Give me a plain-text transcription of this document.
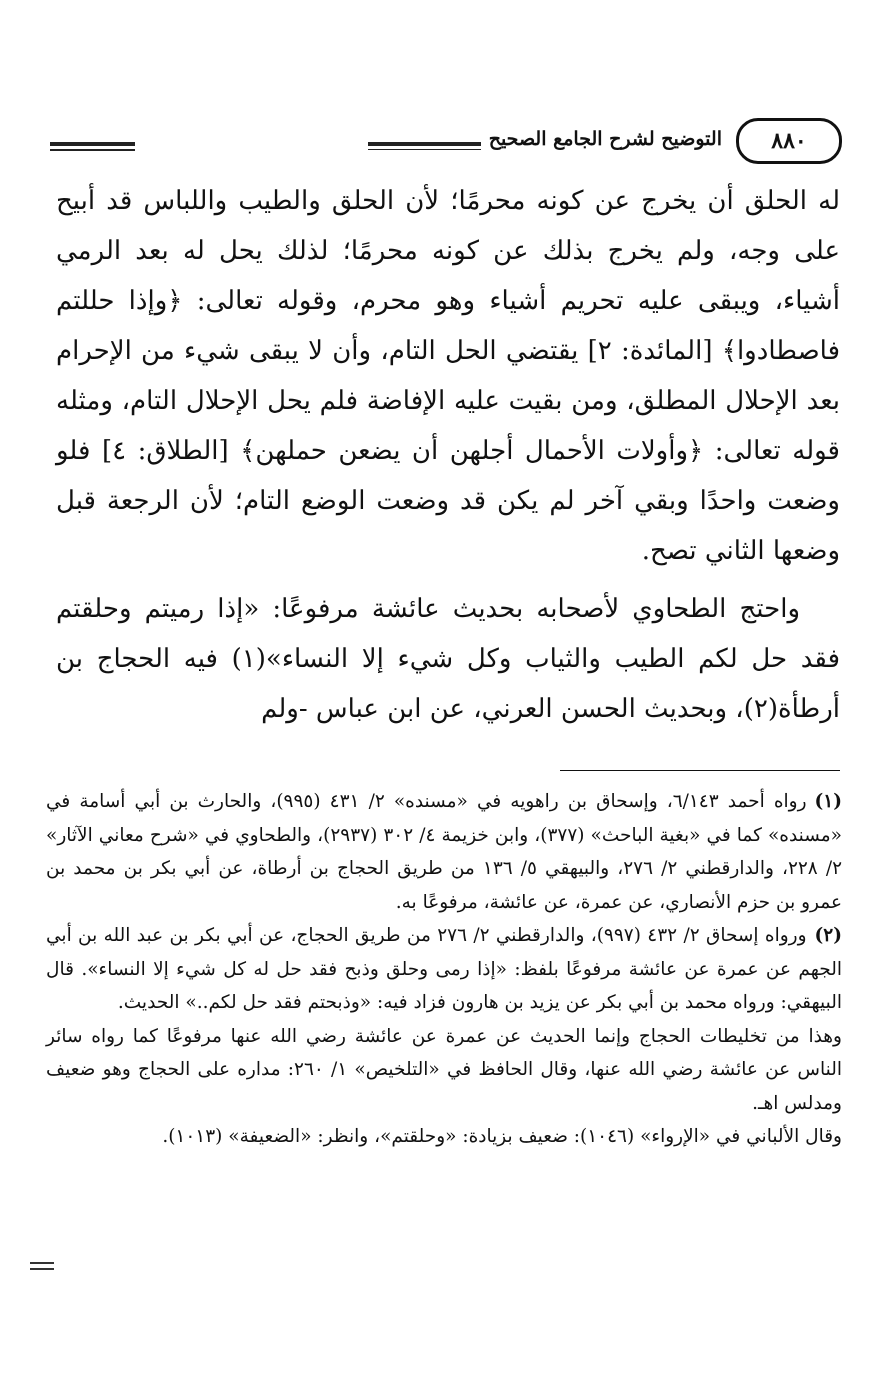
التوضيح لشرح الجامع الصحيح	٨٨٠

له الحلق أن يخرج عن كونه محرمًا؛ لأن الحلق والطيب واللباس قد أبيح على وجه، ولم يخرج بذلك عن كونه محرمًا؛ لذلك يحل له بعد الرمي أشياء، ويبقى عليه تحريم أشياء وهو محرم، وقوله تعالى: ﴿وإذا حللتم فاصطادوا﴾ [المائدة: ٢] يقتضي الحل التام، وأن لا يبقى شيء من الإحرام بعد الإحلال المطلق، ومن بقيت عليه الإفاضة فلم يحل الإحلال التام، ومثله قوله تعالى: ﴿وأولات الأحمال أجلهن أن يضعن حملهن﴾ [الطلاق: ٤] فلو وضعت واحدًا وبقي آخر لم يكن قد وضعت الوضع التام؛ لأن الرجعة قبل وضعها الثاني تصح.

واحتج الطحاوي لأصحابه بحديث عائشة مرفوعًا: «إذا رميتم وحلقتم فقد حل لكم الطيب والثياب وكل شيء إلا النساء»(١) فيه الحجاج بن أرطأة(٢)، وبحديث الحسن العرني، عن ابن عباس -ولم

(١)رواه أحمد ٦/١٤٣، وإسحاق بن راهويه في «مسنده» ٢/ ٤٣١ (٩٩٥)، والحارث بن أبي أسامة في «مسنده» كما في «بغية الباحث» (٣٧٧)، وابن خزيمة ٤/ ٣٠٢ (٢٩٣٧)، والطحاوي في «شرح معاني الآثار» ٢/ ٢٢٨، والدارقطني ٢/ ٢٧٦، والبيهقي ٥/ ١٣٦ من طريق الحجاج بن أرطاة، عن أبي بكر بن محمد بن عمرو بن حزم الأنصاري، عن عمرة، عن عائشة، مرفوعًا به.

(٢)ورواه إسحاق ٢/ ٤٣٢ (٩٩٧)، والدارقطني ٢/ ٢٧٦ من طريق الحجاج، عن أبي بكر بن عبد الله بن أبي الجهم عن عمرة عن عائشة مرفوعًا بلفظ: «إذا رمى وحلق وذبح فقد حل له كل شيء إلا النساء». قال البيهقي: ورواه محمد بن أبي بكر عن يزيد بن هارون فزاد فيه: «وذبحتم فقد حل لكم..» الحديث.

وهذا من تخليطات الحجاج وإنما الحديث عن عمرة عن عائشة رضي الله عنها مرفوعًا كما رواه سائر الناس عن عائشة رضي الله عنها، وقال الحافظ في «التلخيص» ١/ ٢٦٠: مداره على الحجاج وهو ضعيف ومدلس اهـ.

وقال الألباني في «الإرواء» (١٠٤٦): ضعيف بزيادة: «وحلقتم»، وانظر: «الضعيفة» (١٠١٣).
